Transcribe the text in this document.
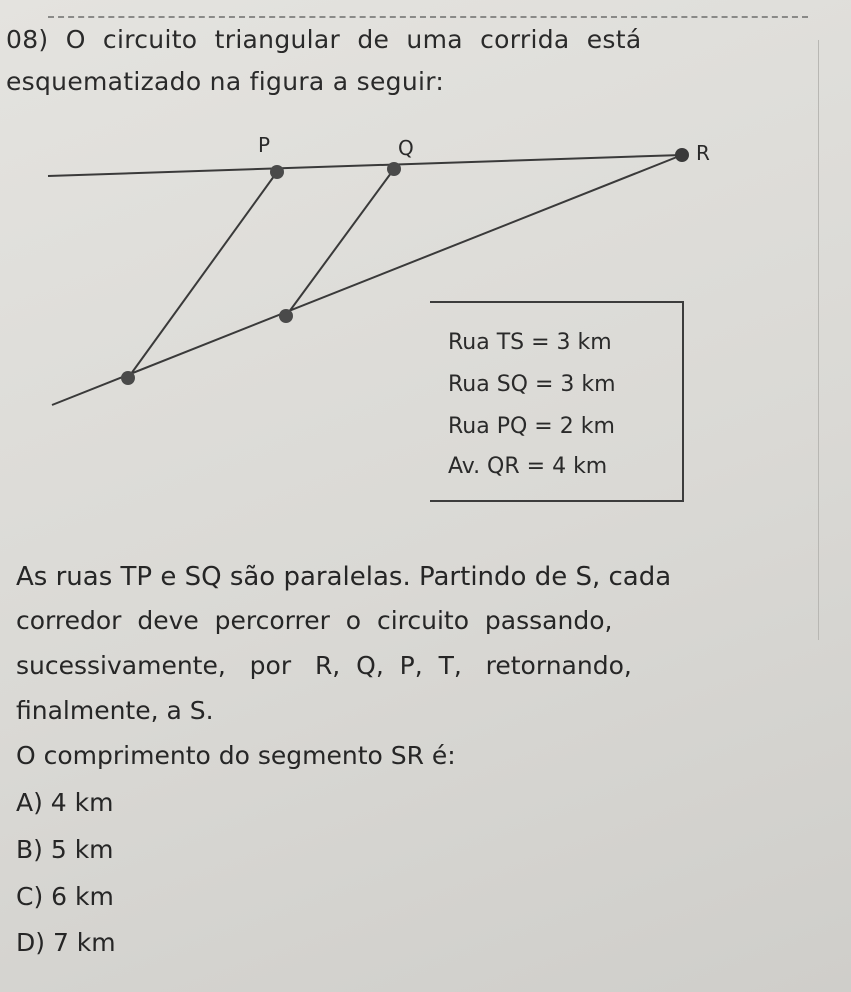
08) O circuito triangular de uma corrida está
esquematizado na figura a seguir:
P	Q	R
Rua TS = 3 km
Rua SQ = 3 km
Rua PQ = 2 km
Av. QR = 4 km
As ruas TP e SQ são paralelas. Partindo de S, cada
corredor  deve  percorrer  o  circuito  passando,
sucessivamente,   por   R,  Q,  P,  T,   retornando,
finalmente, a S.
O comprimento do segmento SR é:
A) 4 km
B) 5 km
C) 6 km
D) 7 km
